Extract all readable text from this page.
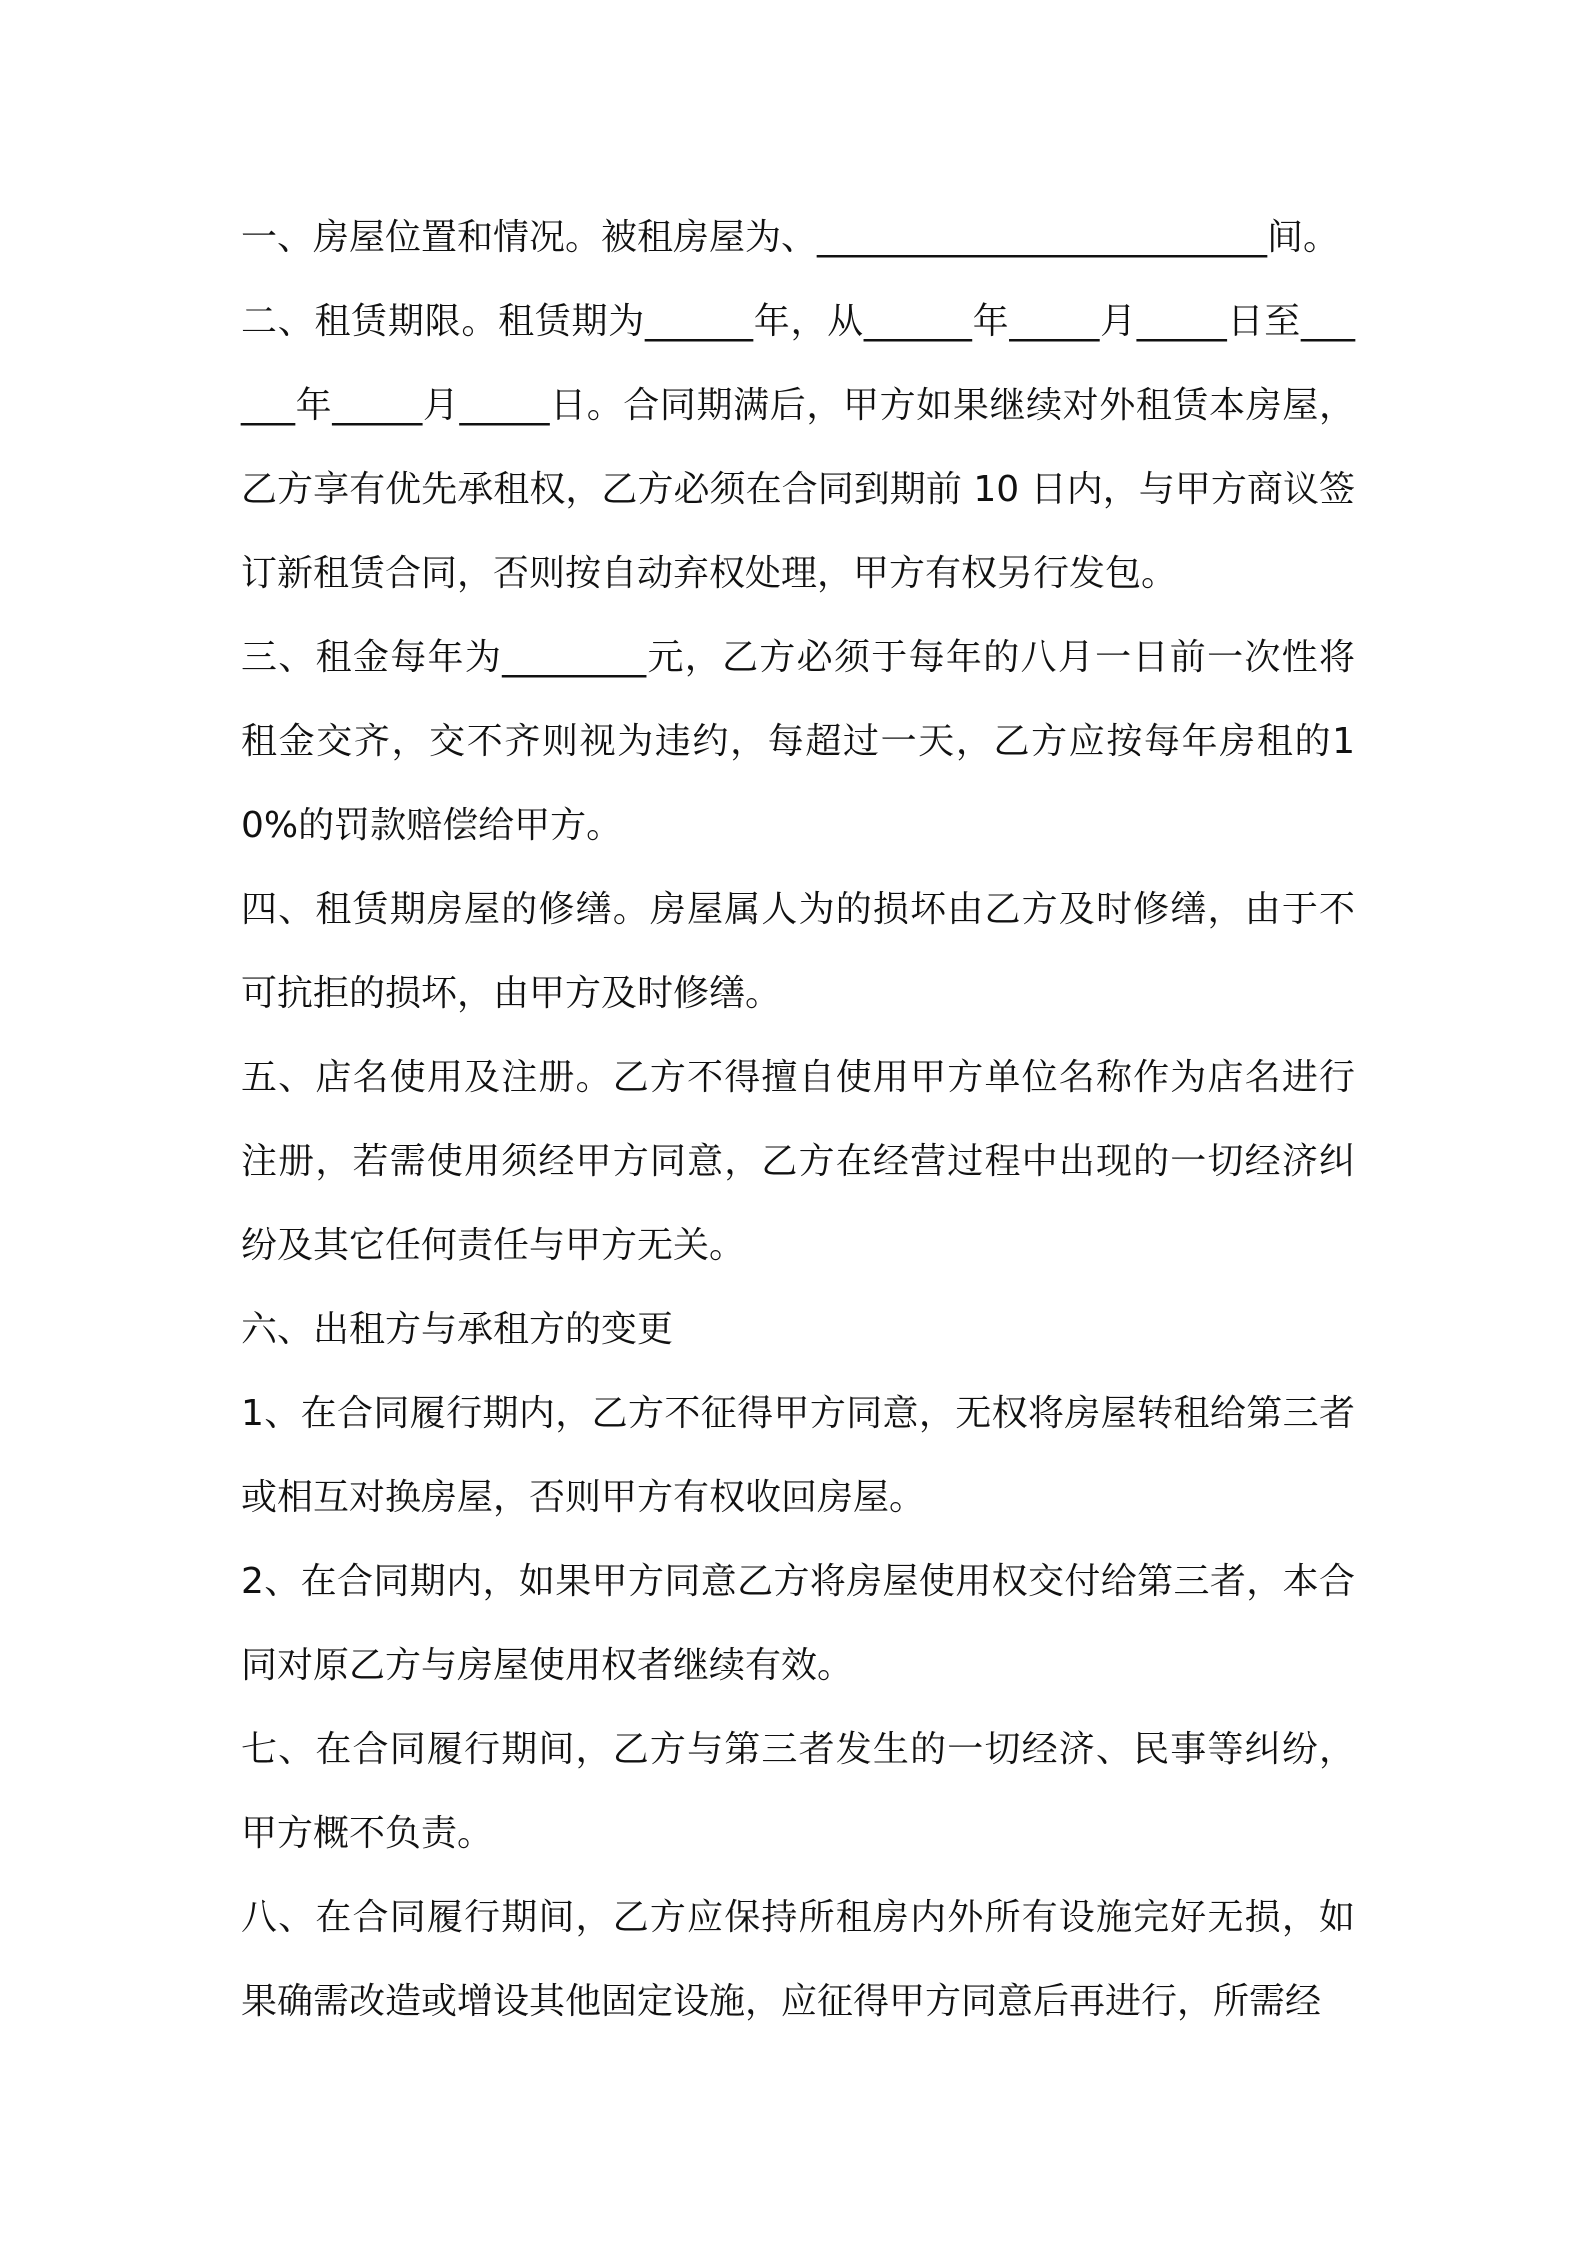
一、房屋位置和情况。被租房屋为、_________________________间。

二、租赁期限。租赁期为______年，从______年_____月_____日至______年_____月_____日。合同期满后，甲方如果继续对外租赁本房屋，乙方享有优先承租权，乙方必须在合同到期前 10 日内，与甲方商议签订新租赁合同，否则按自动弃权处理，甲方有权另行发包。

三、租金每年为________元，乙方必须于每年的八月一日前一次性将租金交齐，交不齐则视为违约，每超过一天，乙方应按每年房租的10%的罚款赔偿给甲方。

四、租赁期房屋的修缮。房屋属人为的损坏由乙方及时修缮，由于不可抗拒的损坏，由甲方及时修缮。

五、店名使用及注册。乙方不得擅自使用甲方单位名称作为店名进行注册，若需使用须经甲方同意，乙方在经营过程中出现的一切经济纠纷及其它任何责任与甲方无关。

六、出租方与承租方的变更

1、在合同履行期内，乙方不征得甲方同意，无权将房屋转租给第三者或相互对换房屋，否则甲方有权收回房屋。

2、在合同期内，如果甲方同意乙方将房屋使用权交付给第三者，本合同对原乙方与房屋使用权者继续有效。

七、在合同履行期间，乙方与第三者发生的一切经济、民事等纠纷，甲方概不负责。

八、在合同履行期间，乙方应保持所租房内外所有设施完好无损，如果确需改造或增设其他固定设施，应征得甲方同意后再进行，所需经
